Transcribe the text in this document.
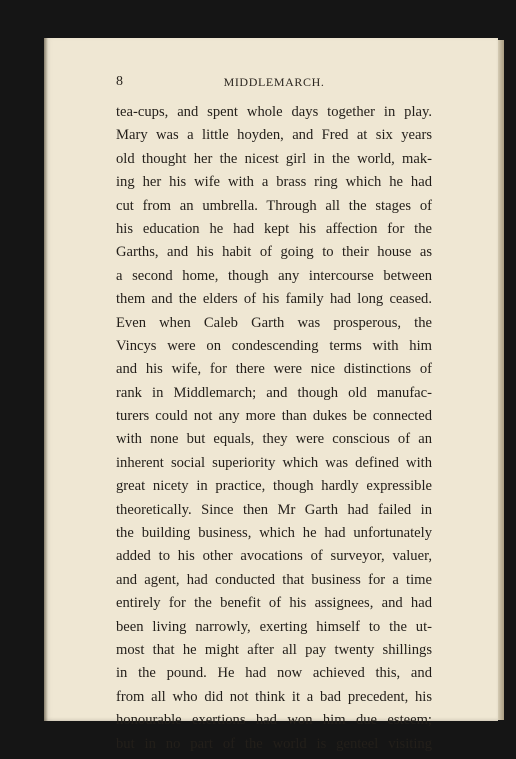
8	MIDDLEMARCH.
tea-cups, and spent whole days together in play.
Mary was a little hoyden, and Fred at six years
old thought her the nicest girl in the world, mak-
ing her his wife with a brass ring which he had
cut from an umbrella. Through all the stages of
his education he had kept his affection for the
Garths, and his habit of going to their house as
a second home, though any intercourse between
them and the elders of his family had long ceased.
Even when Caleb Garth was prosperous, the
Vincys were on condescending terms with him
and his wife, for there were nice distinctions of
rank in Middlemarch; and though old manufac-
turers could not any more than dukes be connected
with none but equals, they were conscious of an
inherent social superiority which was defined with
great nicety in practice, though hardly expressible
theoretically. Since then Mr Garth had failed in
the building business, which he had unfortunately
added to his other avocations of surveyor, valuer,
and agent, had conducted that business for a time
entirely for the benefit of his assignees, and had
been living narrowly, exerting himself to the ut-
most that he might after all pay twenty shillings
in the pound. He had now achieved this, and
from all who did not think it a bad precedent, his
honourable exertions had won him due esteem;
but in no part of the world is genteel visiting
